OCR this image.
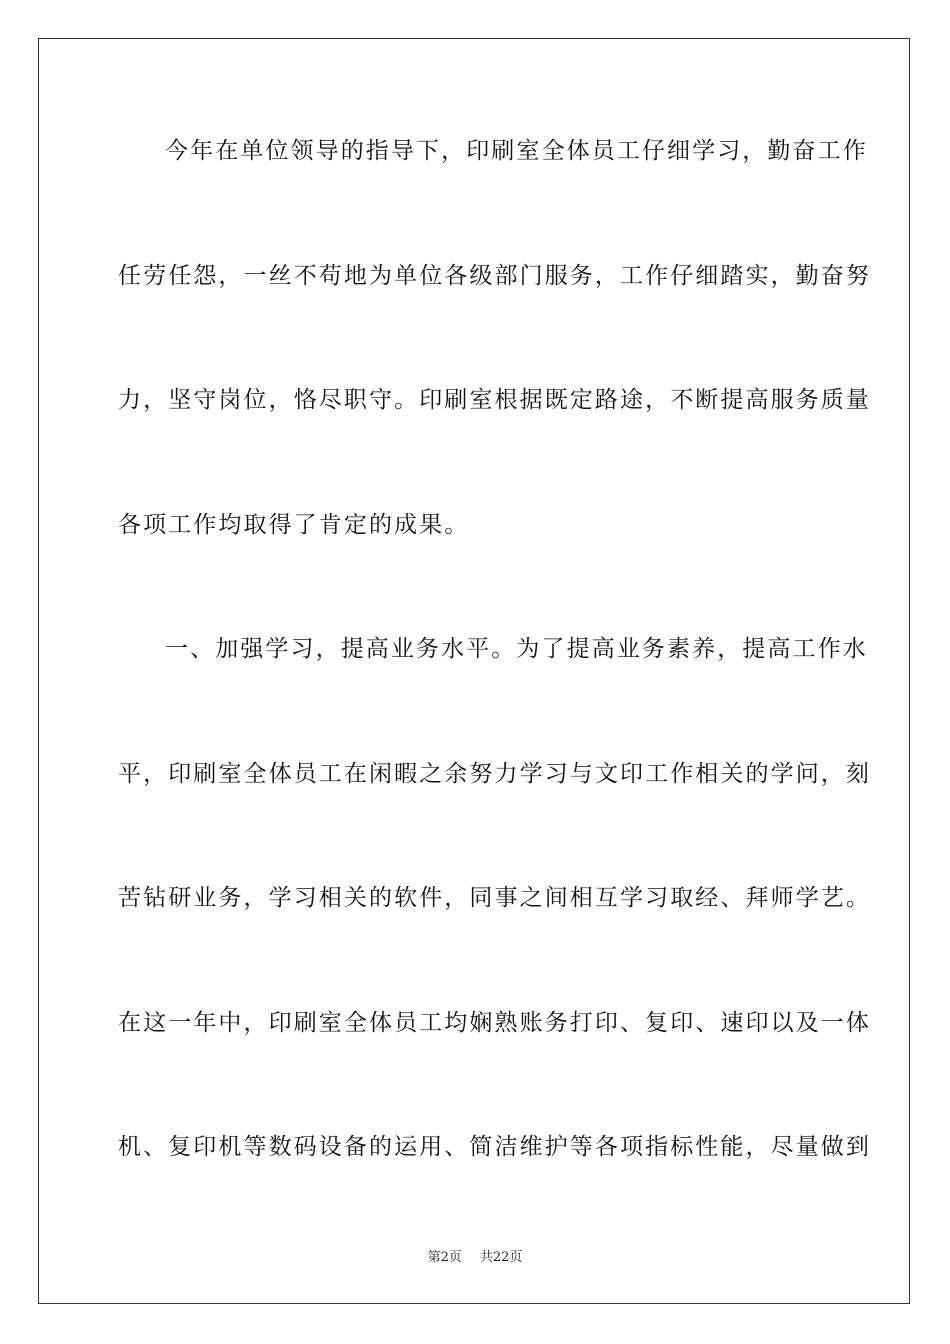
今年在单位领导的指导下，印刷室全体员工仔细学习，勤奋工作
任劳任怨，一丝不苟地为单位各级部门服务，工作仔细踏实，勤奋努
力，坚守岗位，恪尽职守。印刷室根据既定路途，不断提高服务质量
各项工作均取得了肯定的成果。
一、加强学习，提高业务水平。为了提高业务素养，提高工作水
平，印刷室全体员工在闲暇之余努力学习与文印工作相关的学问，刻
苦钻研业务，学习相关的软件，同事之间相互学习取经、拜师学艺。
在这一年中，印刷室全体员工均娴熟账务打印、复印、速印以及一体
机、复印机等数码设备的运用、简洁维护等各项指标性能，尽量做到
第2页 共22页
